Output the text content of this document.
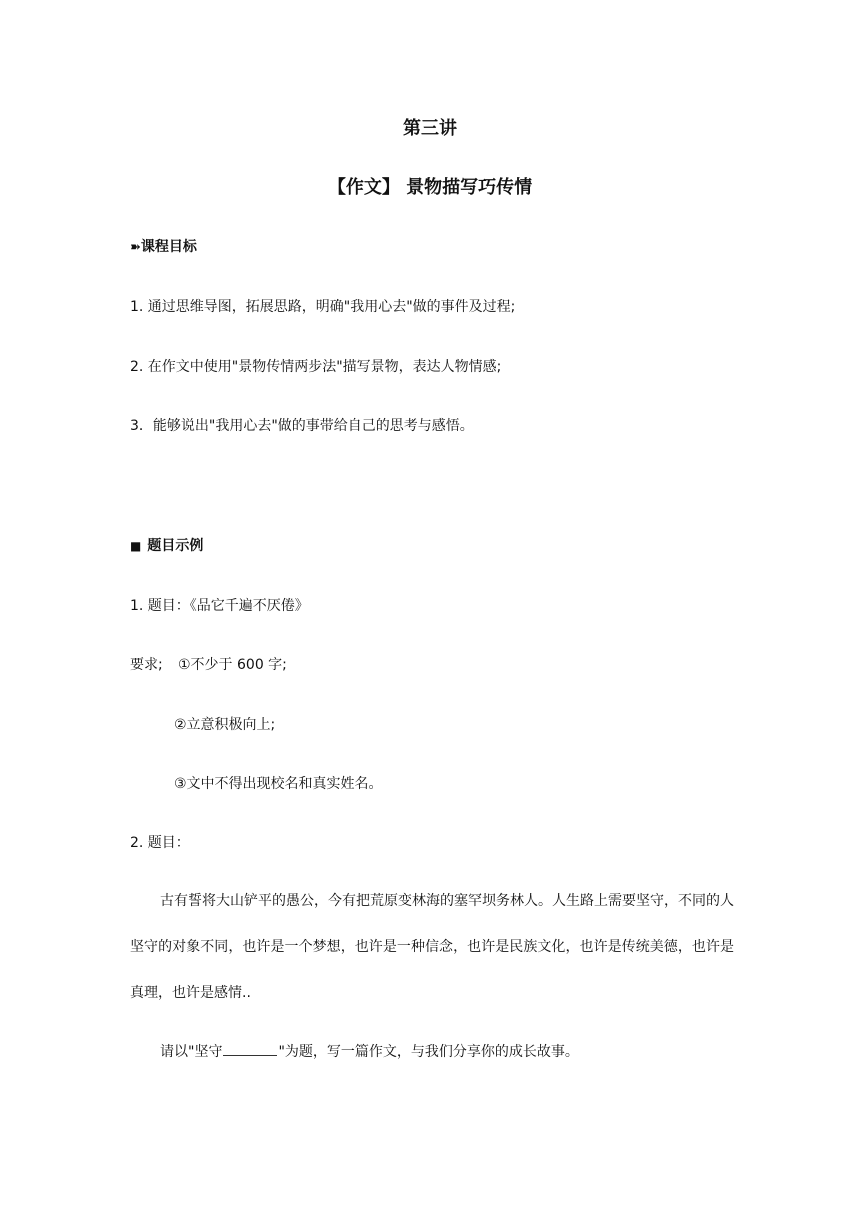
第三讲
【作文】 景物描写巧传情
➽课程目标
1. 通过思维导图，拓展思路，明确"我用心去"做的事件及过程;
2. 在作文中使用"景物传情两步法"描写景物，表达人物情感;
3．能够说出"我用心去"做的事带给自己的思考与感悟。
■ 题目示例
1. 题目：《品它千遍不厌倦》
要求; ①不少于 600 字;
②立意积极向上;
③文中不得出现校名和真实姓名。
2. 题目：
古有誓将大山铲平的愚公，今有把荒原变林海的塞罕坝务林人。人生路上需要坚守，不同的人坚守的对象不同，也许是一个梦想，也许是一种信念，也许是民族文化，也许是传统美德，也许是真理，也许是感情..
请以"坚守	"为题，写一篇作文，与我们分享你的成长故事。
